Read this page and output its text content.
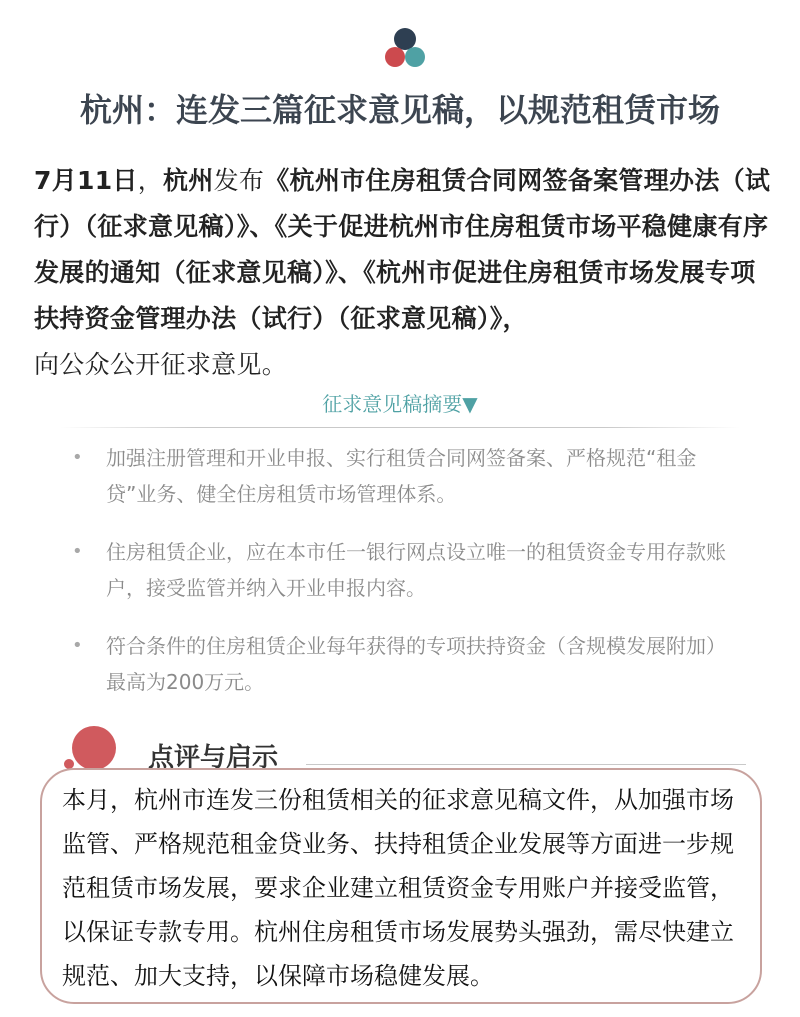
杭州：连发三篇征求意见稿，以规范租赁市场

7月11日，杭州发布《杭州市住房租赁合同网签备案管理办法（试行）（征求意见稿）》、《关于促进杭州市住房租赁市场平稳健康有序发展的通知（征求意见稿）》、《杭州市促进住房租赁市场发展专项扶持资金管理办法（试行）（征求意见稿）》，
向公众公开征求意见。

征求意见稿摘要▼
• 加强注册管理和开业申报、实行租赁合同网签备案、严格规范“租金贷”业务、健全住房租赁市场管理体系。
• 住房租赁企业，应在本市任一银行网点设立唯一的租赁资金专用存款账户，接受监管并纳入开业申报内容。
• 符合条件的住房租赁企业每年获得的专项扶持资金（含规模发展附加）最高为200万元。
点评与启示

本月，杭州市连发三份租赁相关的征求意见稿文件，从加强市场监管、严格规范租金贷业务、扶持租赁企业发展等方面进一步规范租赁市场发展，要求企业建立租赁资金专用账户并接受监管，以保证专款专用。杭州住房租赁市场发展势头强劲，需尽快建立规范、加大支持，以保障市场稳健发展。
